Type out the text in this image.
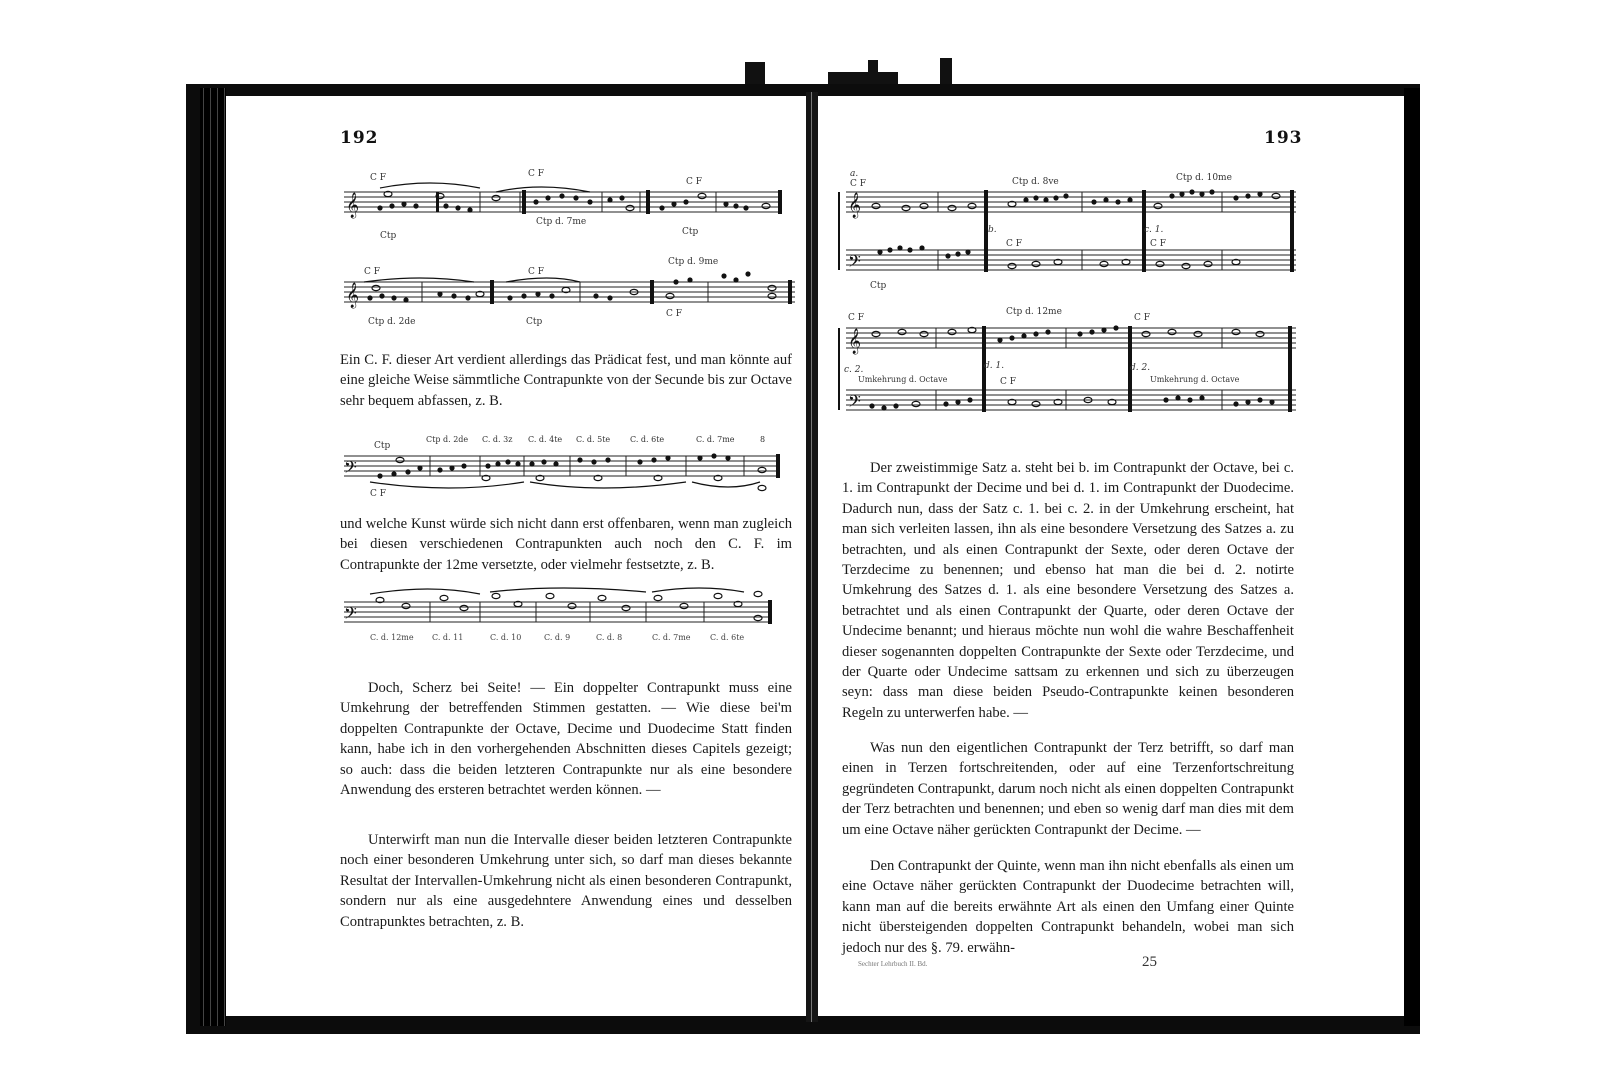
192
𝄞
C F	C F
C F
Ctp
Ctp d. 7me
Ctp
𝄞
C F	C F
Ctp d. 9me
Ctp d. 2de	Ctp
C F
Ein C. F. dieser Art verdient allerdings das Prädicat fest, und man könnte auf eine gleiche Weise sämmtliche Contrapunkte von der Secunde bis zur Octave sehr bequem abfassen, z. B.
𝄢
Ctp
Ctp d. 2de C. d. 3z C. d. 4te C. d. 5te C. d. 6te	C. d. 7me
C F
8
und welche Kunst würde sich nicht dann erst offenbaren, wenn man zugleich bei diesen verschiedenen Contrapunkten auch noch den C. F. im Contrapunkte der 12me versetzte, oder vielmehr festsetzte, z. B.
𝄢
C. d. 12me C. d. 11	C. d. 10	C. d. 9	C. d. 8	C. d. 7me C. d. 6te
Doch, Scherz bei Seite! — Ein doppelter Contrapunkt muss eine Umkehrung der betreffenden Stimmen gestatten. — Wie diese bei'm doppelten Contrapunkte der Octave, Decime und Duodecime Statt finden kann, habe ich in den vorhergehenden Abschnitten dieses Capitels gezeigt; so auch: dass die beiden letzteren Contrapunkte nur als eine besondere Anwendung des ersteren betrachtet werden können. —
Unterwirft man nun die Intervalle dieser beiden letzteren Contrapunkte noch einer besonderen Umkehrung unter sich, so darf man dieses bekannte Resultat der Intervallen-Umkehrung nicht als einen besonderen Contrapunkt, sondern nur als eine ausgedehntere Anwendung eines und desselben Contrapunktes betrachten, z. B.
193
𝄞
𝄢
a.
C F	Ctp d. 8ve
b.	c. 1.
Ctp d. 10me
C F
Ctp
C F
𝄞
𝄢
C F
Ctp d. 12me
d. 1.
C F
c. 2.
Umkehrung d. Octave	C F
d. 2.
Umkehrung d. Octave
Der zweistimmige Satz a. steht bei b. im Contrapunkt der Octave, bei c. 1. im Contrapunkt der Decime und bei d. 1. im Contrapunkt der Duodecime. Dadurch nun, dass der Satz c. 1. bei c. 2. in der Umkehrung erscheint, hat man sich verleiten lassen, ihn als eine besondere Versetzung des Satzes a. zu betrachten, und als einen Contrapunkt der Sexte, oder deren Octave der Terzdecime zu benennen; und ebenso hat man die bei d. 2. notirte Umkehrung des Satzes d. 1. als eine besondere Versetzung des Satzes a. betrachtet und als einen Contrapunkt der Quarte, oder deren Octave der Undecime benannt; und hieraus möchte nun wohl die wahre Beschaffenheit dieser sogenannten doppelten Contrapunkte der Sexte oder Terzdecime, und der Quarte oder Undecime sattsam zu erkennen und sich zu überzeugen seyn: dass man diese beiden Pseudo-Contrapunkte keinen besonderen Regeln zu unterwerfen habe. —
Was nun den eigentlichen Contrapunkt der Terz betrifft, so darf man einen in Terzen fortschreitenden, oder auf eine Terzenfortschreitung gegründeten Contrapunkt, darum noch nicht als einen doppelten Contrapunkt der Terz betrachten und benennen; und eben so wenig darf man dies mit dem um eine Octave näher gerückten Contrapunkt der Decime. —
Den Contrapunkt der Quinte, wenn man ihn nicht ebenfalls als einen um eine Octave näher gerückten Contrapunkt der Duodecime betrachten will, kann man auf die bereits erwähnte Art als einen den Umfang einer Quinte nicht übersteigenden doppelten Contrapunkt behandeln, wobei man sich jedoch nur des §. 79. erwähn-
Sechter Lehrbuch II. Bd.	25
